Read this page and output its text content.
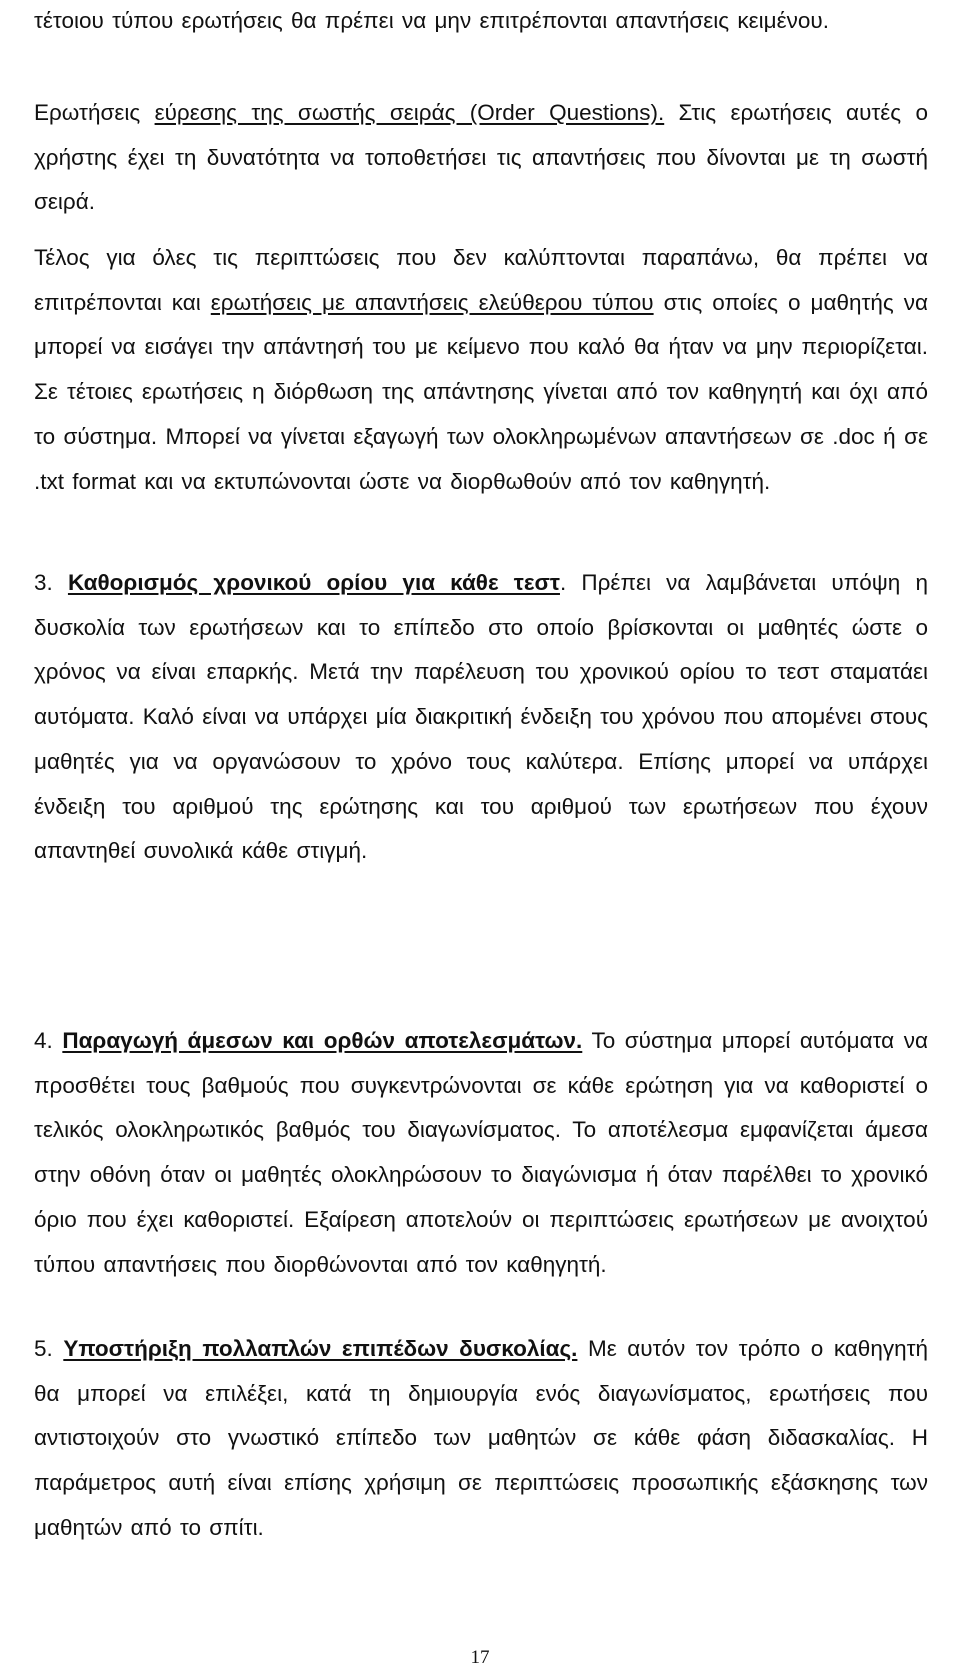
τέτοιου τύπου ερωτήσεις θα πρέπει να μην επιτρέπονται απαντήσεις κειμένου.

Ερωτήσεις εύρεσης της σωστής σειράς (Order Questions). Στις ερωτήσεις αυτές ο χρήστης έχει τη δυνατότητα να τοποθετήσει τις απαντήσεις που δίνονται με τη σωστή σειρά.

Τέλος για όλες τις περιπτώσεις που δεν καλύπτονται παραπάνω, θα πρέπει να επιτρέπονται και ερωτήσεις με απαντήσεις ελεύθερου τύπου στις οποίες ο μαθητής να μπορεί να εισάγει την απάντησή του με κείμενο που καλό θα ήταν να μην περιορίζεται. Σε τέτοιες ερωτήσεις η διόρθωση της απάντησης γίνεται από τον καθηγητή και όχι από το σύστημα. Μπορεί να γίνεται εξαγωγή των ολοκληρωμένων απαντήσεων σε .doc ή σε .txt format και να εκτυπώνονται ώστε να διορθωθούν από τον καθηγητή.

3. Καθορισμός χρονικού ορίου για κάθε τεστ. Πρέπει να λαμβάνεται υπόψη η δυσκολία των ερωτήσεων και το επίπεδο στο οποίο βρίσκονται οι μαθητές ώστε ο χρόνος να είναι επαρκής. Μετά την παρέλευση του χρονικού ορίου το τεστ σταματάει αυτόματα. Καλό είναι να υπάρχει μία διακριτική ένδειξη του χρόνου που απομένει στους μαθητές για να οργανώσουν το χρόνο τους καλύτερα. Επίσης μπορεί να υπάρχει ένδειξη του αριθμού της ερώτησης και του αριθμού των ερωτήσεων που έχουν απαντηθεί συνολικά κάθε στιγμή.

4. Παραγωγή άμεσων και ορθών αποτελεσμάτων. Το σύστημα μπορεί αυτόματα να προσθέτει τους βαθμούς που συγκεντρώνονται σε κάθε ερώτηση για να καθοριστεί ο τελικός ολοκληρωτικός βαθμός του διαγωνίσματος. Το αποτέλεσμα εμφανίζεται άμεσα στην οθόνη όταν οι μαθητές ολοκληρώσουν το διαγώνισμα ή όταν παρέλθει το χρονικό όριο που έχει καθοριστεί. Εξαίρεση αποτελούν οι περιπτώσεις ερωτήσεων με ανοιχτού τύπου απαντήσεις που διορθώνονται από τον καθηγητή.

5. Υποστήριξη πολλαπλών επιπέδων δυσκολίας. Με αυτόν τον τρόπο ο καθηγητή θα μπορεί να επιλέξει, κατά τη δημιουργία ενός διαγωνίσματος, ερωτήσεις που αντιστοιχούν στο γνωστικό επίπεδο των μαθητών σε κάθε φάση διδασκαλίας. Η παράμετρος αυτή είναι επίσης χρήσιμη σε περιπτώσεις προσωπικής εξάσκησης των μαθητών από το σπίτι.

17
